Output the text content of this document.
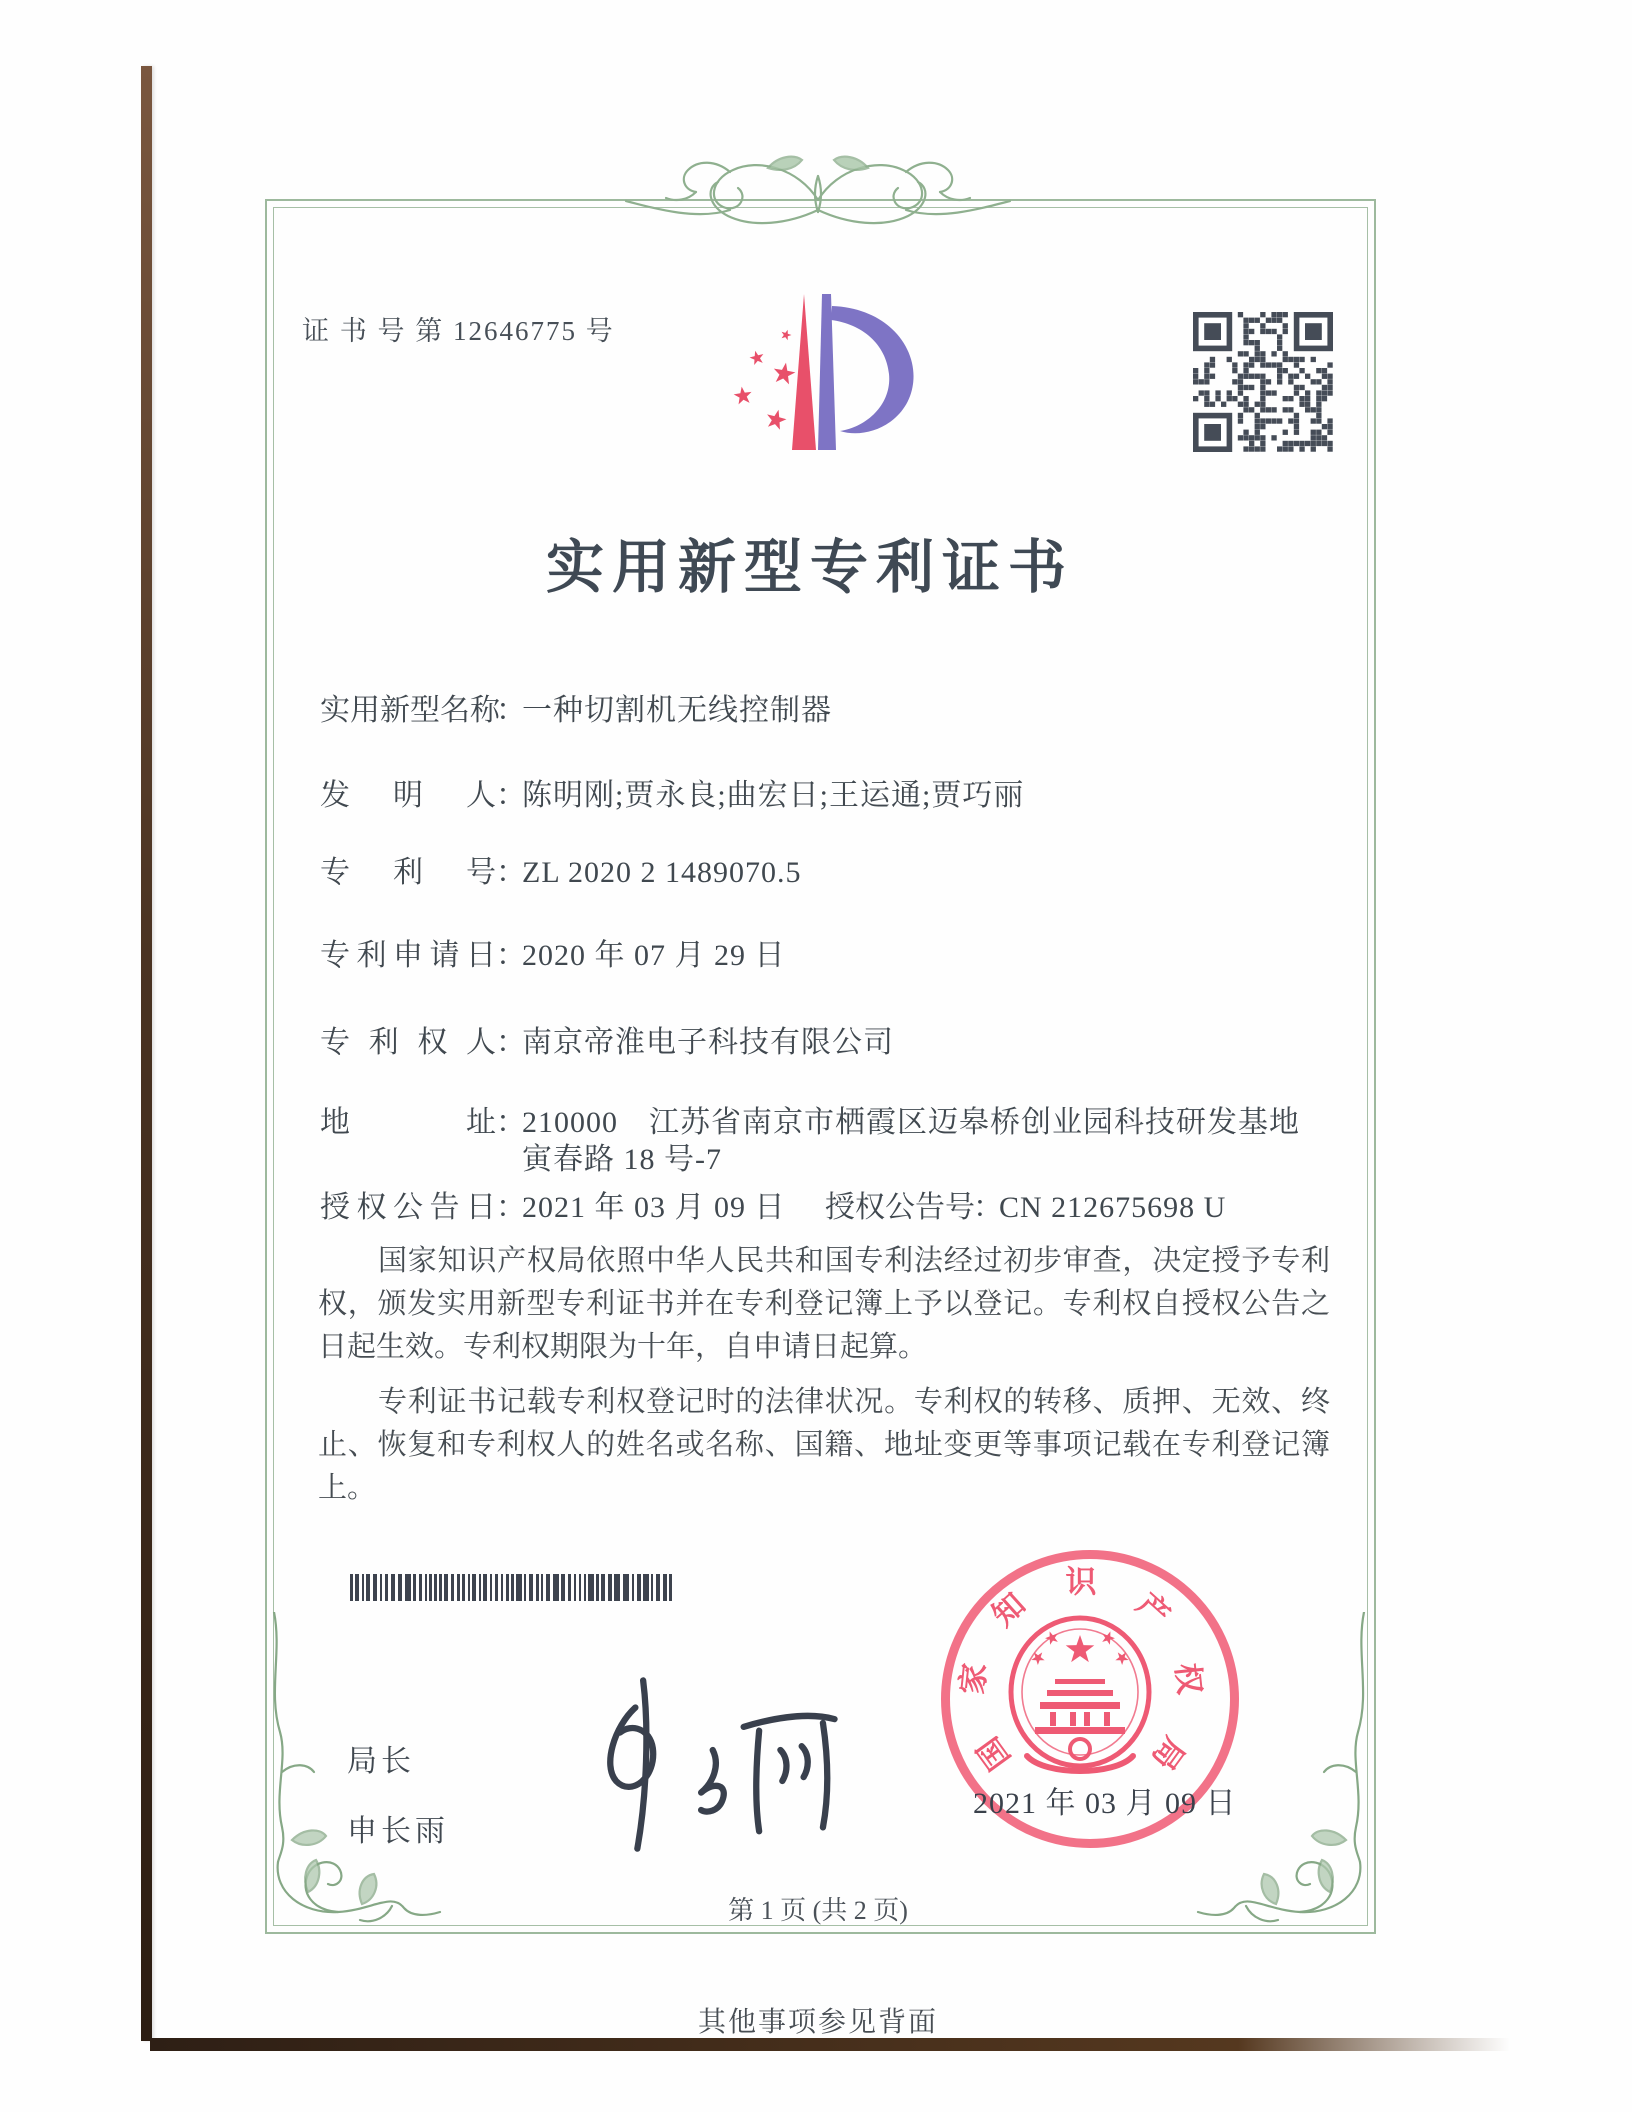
证 书 号 第 12646775 号
实用新型专利证书
实用新型名称：一种切割机无线控制器
发明人：陈明刚;贾永良;曲宏日;王运通;贾巧丽
专利号：ZL 2020 2 1489070.5
专利申请日：2020 年 07 月 29 日
专利权人：南京帝淮电子科技有限公司
地址：210000　江苏省南京市栖霞区迈皋桥创业园科技研发基地
寅春路 18 号-7
授权公告日：2021 年 03 月 09 日 授权公告号：CN 212675698 U

国家知识产权局依照中华人民共和国专利法经过初步审查，决定授予专利权，颁发实用新型专利证书并在专利登记簿上予以登记。专利权自授权公告之日起生效。专利权期限为十年，自申请日起算。

专利证书记载专利权登记时的法律状况。专利权的转移、质押、无效、终止、恢复和专利权人的姓名或名称、国籍、地址变更等事项记载在专利登记簿上。

局长
申长雨
国
家
知
识
产
权
局
2021 年 03 月 09 日
第 1 页 (共 2 页)
其他事项参见背面
